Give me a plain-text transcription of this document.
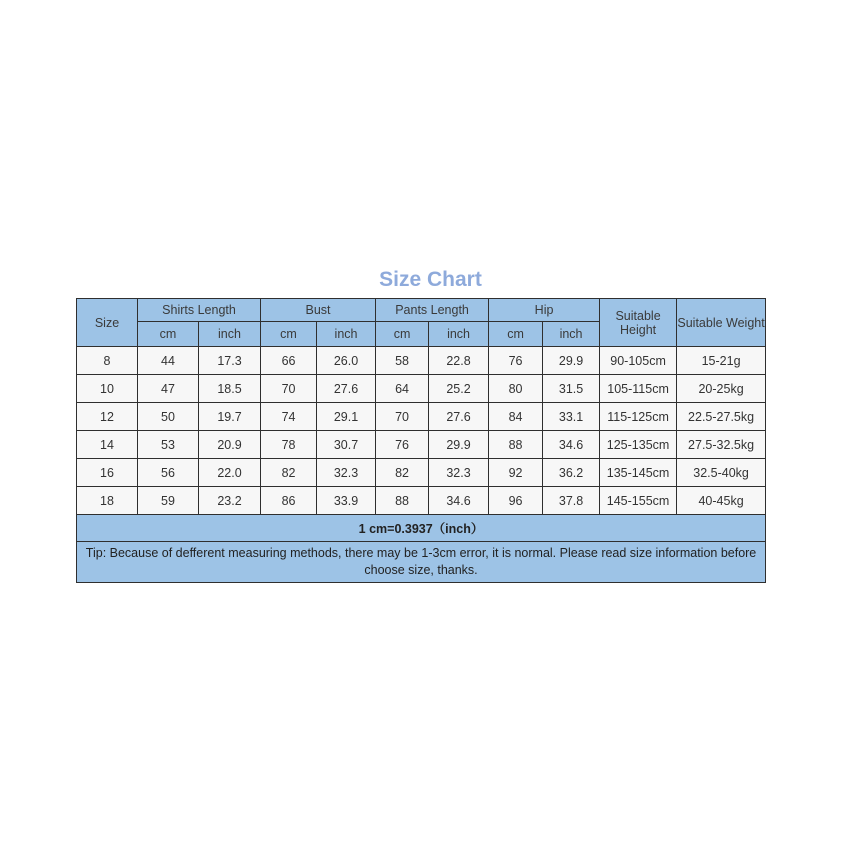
Size Chart
Size	Shirts Length		Bust		Pants Length		Hip		Suitable Height	Suitable Weight
	cm	inch	cm	inch	cm	inch	cm	inch		
8	44	17.3	66	26.0	58	22.8	76	29.9	90-105cm	15-21g
10	47	18.5	70	27.6	64	25.2	80	31.5	105-115cm	20-25kg
12	50	19.7	74	29.1	70	27.6	84	33.1	115-125cm	22.5-27.5kg
14	53	20.9	78	30.7	76	29.9	88	34.6	125-135cm	27.5-32.5kg
16	56	22.0	82	32.3	82	32.3	92	36.2	135-145cm	32.5-40kg
18	59	23.2	86	33.9	88	34.6	96	37.8	145-155cm	40-45kg
1 cm=0.3937（inch）										
Tip: Because of defferent measuring methods, there may be 1-3cm error, it is normal. Please read size information before choose size, thanks.										
